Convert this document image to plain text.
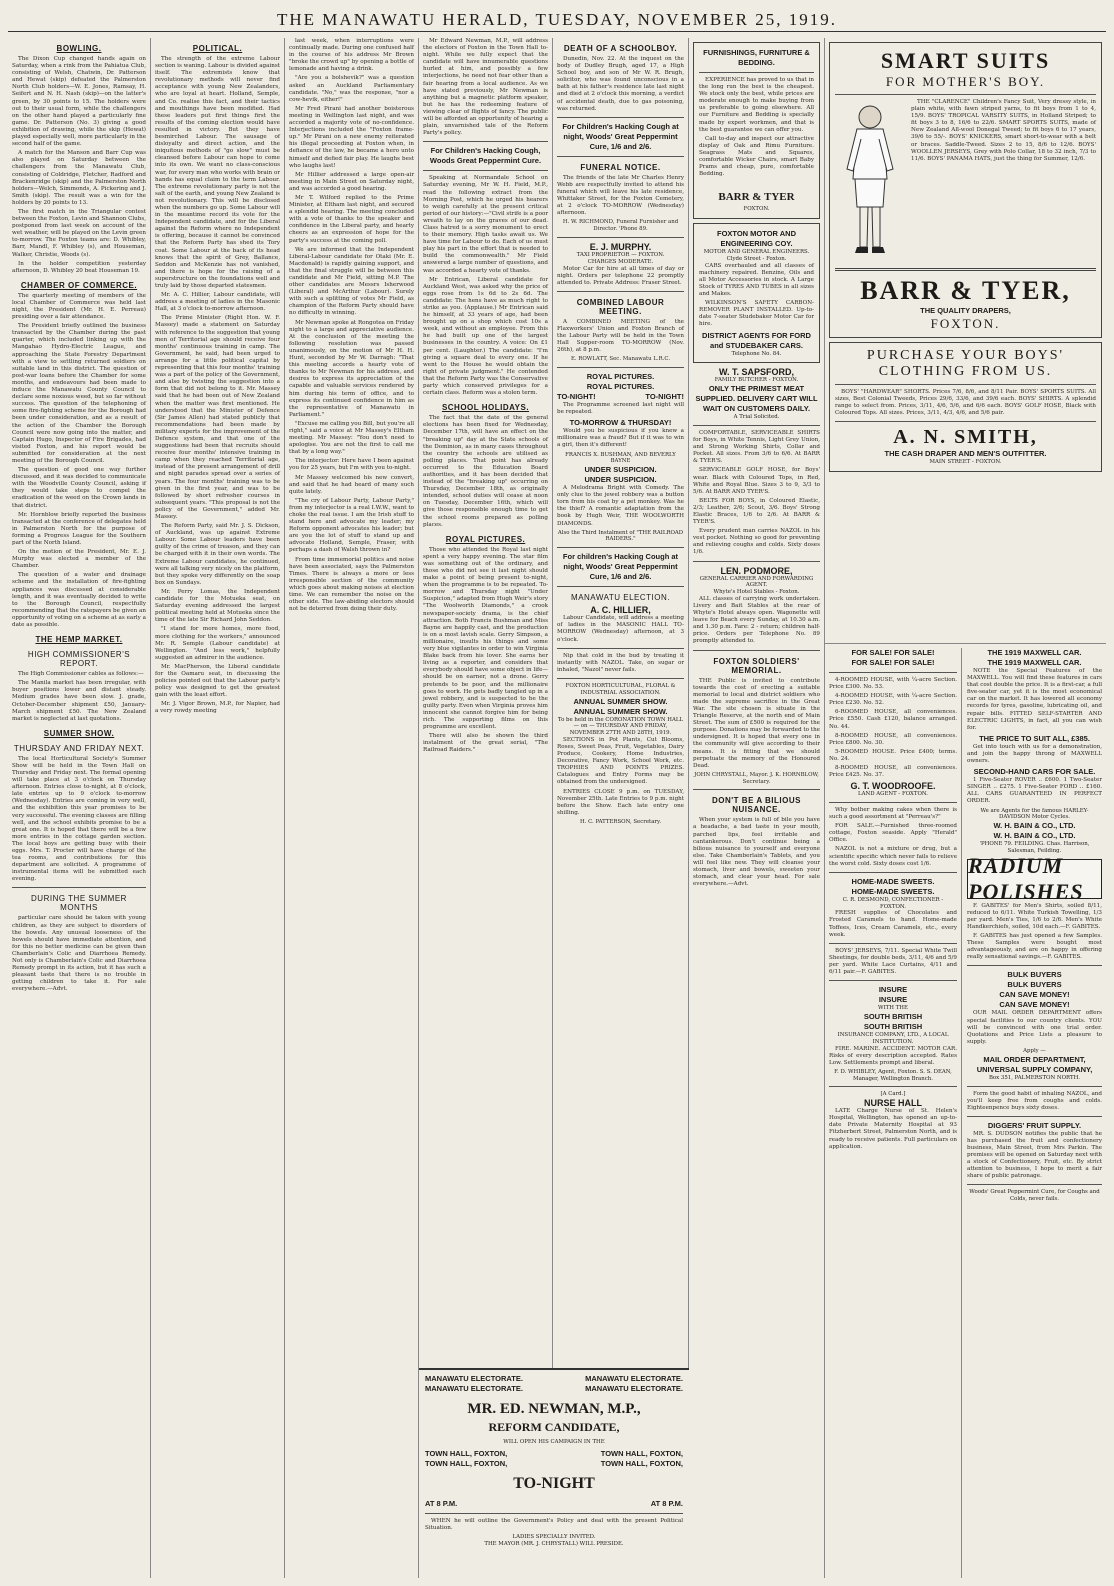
THE MANAWATU HERALD, TUESDAY, NOVEMBER 25, 1919.
BOWLING.

The Dixon Cup changed hands again on Saturday, when a rink from the Pahiatua Club, consisting of Welsh, Chatwin, Dr. Patterson and Hewat (skip) defeated the Palmerston North Club holders—W. E. Jones, Ramsay, H. Seifert and N. H. Nash (skip)—on the latter's green, by 30 points to 15. The holders were out to their usual form, while the challengers on the other hand played a particularly fine game. Dr. Patterson (No. 3) giving a good exhibition of drawing, while the skip (Hewat) played especially well, more particularly in the second half of the game.

A match for the Manson and Barr Cup was also played on Saturday between the challengers from the Manawatu Club, consisting of Coldridge, Fletcher, Radford and Brackenridge (skip) and the Palmerston North holders—Welch, Simmonds, A. Pickering and J. Smith (skip). The result was a win for the holders by 20 points to 13.

The first match in the Triangular contest between the Foxton, Levin and Shannon Clubs, postponed from last week on account of the wet weather, will be played on the Levin green to-morrow. The Foxton teams are: D. Whibley, Barr, Mandl, F. Whibley (s), and Houseman, Walker, Christie, Woods (s).

In the holder competition yesterday afternoon, D. Whibley 20 beat Houseman 19.

CHAMBER OF COMMERCE.

The quarterly meeting of members of the local Chamber of Commerce was held last night, the President (Mr. H. E. Perreau) presiding over a fair attendance.

The President briefly outlined the business transacted by the Chamber during the past quarter, which included linking up with the Mangahao Hydro-Electric League, and approaching the State Forestry Department with a view to settling returned soldiers on suitable land in this district. The question of post-war loans before the Chamber for some months, and endeavours had been made to induce the Manawatu County Council to declare some noxious weed, but so far without success. The question of the telephoning of some fire-fighting scheme for the Borough had been under consideration, and as a result of the action of the Chamber the Borough Council were now going into the matter, and Captain Hugo, Inspector of Fire Brigades, had visited Foxton, and his report would be submitted for consideration at the next meeting of the Borough Council.

The question of good one way further discussed, and it was decided to communicate with the Woodville County Council, asking if they would take steps to compel the eradication of the weed on the Crown lands in that district.

Mr. Hornblow briefly reported the business transacted at the conference of delegates held in Palmerston North for the purpose of forming a Progress League for the Southern part of the North Island.

On the motion of the President, Mr. E. J. Murphy was elected a member of the Chamber.

The question of a water and drainage scheme and the installation of fire-fighting appliances was discussed at considerable length, and it was eventually decided to write to the Borough Council, respectfully recommending that the ratepayers be given an opportunity of voting on a scheme at as early a date as possible.

THE HEMP MARKET.
HIGH COMMISSIONER'S REPORT.

The High Commissioner cables as follows:—

The Manila market has been irregular, with buyer positions lower and distant steady. Medium grades have been slow. J. grade, October-December shipment £50, January-March shipment £50. The New Zealand market is neglected at last quotations.

SUMMER SHOW.
THURSDAY AND FRIDAY NEXT.

The local Horticultural Society's Summer Show will be held in the Town Hall on Thursday and Friday next. The formal opening will take place at 3 o'clock on Thursday afternoon. Entries close to-night, at 8 o'clock, late entries up to 9 o'clock to-morrow (Wednesday). Entries are coming in very well, and the exhibition this year promises to be very successful. The evening classes are filling well, and the school exhibits promise to be a great one. It is hoped that there will be a few more entries in the cottage garden section. The local boys are getting busy with their eggs. Mrs. T. Procter will have charge of the tea rooms, and contributions for this department are solicited. A programme of instrumental items will be submitted each evening.

DURING THE SUMMER MONTHS

particular care should be taken with young children, as they are subject to disorders of the bowels. Any unusual looseness of the bowels should have immediate attention, and for this no better medicine can be given than Chamberlain's Colic and Diarrhoea Remedy. Not only is Chamberlain's Colic and Diarrhoea Remedy prompt in its action, but it has such a pleasant taste that there is no trouble in getting children to take it. For sale everywhere.—Advt.

POLITICAL.

The strength of the extreme Labour section is waning. Labour is divided against itself. The extremists know that revolutionary methods will never find acceptance with young New Zealanders, who are loyal at heart. Holland, Semple, and Co. realise this fact, and their tactics and mouthings have been modified. Had these leaders put first things first the results of the coming election would have resulted in victory. But they have besmirched Labour. The sausage of disloyalty and direct action, and the iniquitous methods of "go slow" must be cleansed before Labour can hope to come into its own. We want no class-conscious war, for every man who works with brain or hands has equal claim to the term Labour. The extreme revolutionary party is not the salt of the earth, and young New Zealand is not revolutionary. This will be disclosed when the numbers go up. Some Labour will in the meantime record its vote for the Independent candidate, and for the Liberal against the Reform where no Independent is offering, because it cannot be convinced that the Reform Party has shed its Tory coat. Some Labour at the back of its head knows that the spirit of Grey, Ballance, Seddon and McKenzie has not vanished, and there is hope for the raising of a superstructure on the foundations well and truly laid by those departed statesmen.

Mr. A. C. Hillier, Labour candidate, will address a meeting of ladies in the Masonic Hall, at 3 o'clock to-morrow afternoon.

The Prime Minister (Right Hon. W. F. Massey) made a statement on Saturday with reference to the suggestion that young men of Territorial age should receive four months' continuous training in camp. The Government, he said, had been urged to arrange for a little political capital by representing that this four months' training was a part of the policy of the Government, and also by twisting the suggestion into a form that did not belong to it. Mr. Massey said that he had been out of New Zealand when the matter was first mentioned. He understood that the Minister of Defence (Sir James Allen) had stated publicly that recommendations had been made by military experts for the improvement of the Defence system, and that one of the suggestions had been that recruits should receive four months' intensive training in camp when they reached Territorial age, instead of the present arrangement of drill and night parades spread over a series of years. The four months' training was to be given in the first year, and was to be followed by short refresher courses in subsequent years. "This proposal is not the policy of the Government," added Mr. Massey.

The Reform Party, said Mr. J. S. Dickson, of Auckland, was up against Extreme Labour. Some Labour leaders have been guilty of the crime of treason, and they can be charged with it in their own words. The Extreme Labour candidates, he continued, were all talking very nicely on the platform, but they spoke very differently on the soap box on Sundays.

Mr. Perry Lomas, the Independent candidate for the Motueka seat, on Saturday evening addressed the largest political meeting held at Motueka since the time of the late Sir Richard John Seddon.

"I stand for more homes, more food, more clothing for the workers," announced Mr. R. Semple (Labour candidate) at Wellington. "And less work," helpfully suggested an admirer in the audience.

Mr. MacPherson, the Liberal candidate for the Oamaru seat, in discussing the policies pointed out that the Labour party's policy was designed to get the greatest gain with the least effort.

Mr. J. Vigor Brown, M.P., for Napier, had a very rowdy meeting

last week, when interruptions were continually made. During one confused half in the course of his address Mr Brown "broke the crowd up" by opening a bottle of lemonade and having a drink.

"Are you a bolshevik?" was a question asked an Auckland Parliamentary candidate. "No," was the response, "nor a cow-hevik, either!"

Mr Fred Pirani had another boisterous meeting in Wellington last night, and was accorded a majority vote of no-confidence. Interjections included the "Foxton frame-up." Mr Pirani on a new enemy reiterated his illegal proceeding at Foxton when, in defiance of the law, he became a hero unto himself and defied fair play. He laughs best who laughs last!

Mr Hillier addressed a large open-air meeting in Main Street on Saturday night, and was accorded a good hearing.

Mr T. Wilford replied to the Prime Minister, at Eltham last night, and secured a splendid hearing. The meeting concluded with a vote of thanks to the speaker and confidence in the Liberal party, and hearty cheers as an expression of hope for the party's success at the coming poll.

We are informed that the Independent Liberal-Labour candidate for Otaki (Mr. E. Macdonald) is rapidly gaining support, and that the final struggle will be between this candidate and Mr Field, sitting M.P. The other candidates are Messrs Isherwood (Liberal) and McArthur (Labour). Surely with such a splitting of votes Mr Field, as champion of the Reform Party should have no difficulty in winning.

Mr Newman spoke at Rongotea on Friday night to a large and appreciative audience. At the conclusion of the meeting the following resolution was passed unanimously, on the motion of Mr H. H. Hunt, seconded by Mr W. Darragh: "That this meeting accords a hearty vote of thanks to Mr Newman for his address, and desires to express its appreciation of the capable and valuable services rendered by him during his term of office, and to express its continued confidence in him as the representative of Manawatu in Parliament."

"Excuse me calling you Bill, but you're all right," said a voice at Mr Massey's Eltham meeting. Mr Massey: "You don't need to apologise. You are not the first to call me that by a long way."

The interjector: Here have I been against you for 25 years, but I'm with you to-night.

Mr Massey welcomed his new convert, and said that he had heard of many such quite lately.

"The cry of Labour Party, Labour Party," from my interjector is a real I.W.W., want to choke the real issue. I am the Irish stuff to stand here and advocate my leader; my Reform opponent advocates his leader; but are you the lot of stuff to stand up and advocate Holland, Semple, Fraser, with perhaps a dash of Walsh thrown in?

From time immemorial politics and noise have been associated, says the Palmerston Times. There is always a more or less irresponsible section of the community which goes about making noises at election time. We can remember the noise on the other side. The law-abiding electors should not be deterred from doing their duty.

Mr Edward Newman, M.P., will address the electors of Foxton in the Town Hall to-night. While we fully expect that the candidate will have innumerable questions hurled at him, and possibly a few interjections, he need not fear other than a fair hearing from a local audience. As we have stated previously, Mr Newman is anything but a magnetic platform speaker, but he has the redeeming feature of viewing clear of flights of fancy. The public will be afforded an opportunity of hearing a plain, unvarnished tale of the Reform Party's policy.

For Children's Hacking Cough, Woods Great Peppermint Cure.

Speaking at Normandale School on Saturday evening, Mr W. H. Field, M.P., read the following extract from the Morning Post, which he urged his hearers to weigh carefully at the present critical period of our history:—"Civil strife is a poor wreath to lay on the graves of our dead. Class hatred is a sorry monument to erect to their memory. High tasks await us. We have time for Labour to do. Each of us must play his part in the effort that is needed to build the commonwealth." Mr Field answered a large number of questions, and was accorded a hearty vote of thanks.

Mr Entrican, Liberal candidate for Auckland West, was asked why the price of eggs rose from 1s 6d to 2s 6d. The candidate: The hens have as much right to strike as you. (Applause.) Mr Entrican said he himself, at 33 years of age, had been brought up on a shop which cost 10s a week, and without an employee. From this he had built up one of the largest businesses in the country. A voice: On £1 per cent. (Laughter.) The candidate: "I'm giving a square deal to every one. If he went to the House he would obtain the right of private judgment." He contended that the Reform Party was the Conservative party which conserved privileges for a certain class. Reform was a stolen term.

SCHOOL HOLIDAYS.

The fact that the date of the general elections has been fixed for Wednesday, December 17th, will have an effect on the "breaking up" day at the State schools of the Dominion, as in many cases throughout the country the schools are utilised as polling places. That point has already occurred to the Education Board authorities, and it has been decided that instead of the "breaking up" occurring on Thursday, December 18th, as originally intended, school duties will cease at noon on Tuesday, December 16th, which will give those responsible enough time to get the school rooms prepared as polling places.

ROYAL PICTURES.

Those who attended the Royal last night spent a very happy evening. The star film was something out of the ordinary, and those who did not see it last night should make a point of being present to-night, when the programme is to be repeated. To-morrow and Thursday night "Under Suspicion," adapted from Hugh Weir's story "The Woolworth Diamonds," a crook newspaper-society drama, is the chief attraction. Both Francis Bushman and Miss Bayne are happily cast, and the production is on a most lavish scale. Gerry Simpson, a millionaire, insults his things and some very blue vigilantes in order to win Virginia Blake back from his lover. She earns her living as a reporter, and considers that everybody should have some object in life—should be on earner, not a drone. Gerry pretends to be poor, and the millionaire goes to work. He gets badly tangled up in a jewel robbery, and is suspected to be the guilty party. Even when Virginia proves him innocent she cannot forgive him for being rich. The supporting films on this programme are excellent.

There will also be shown the third instalment of the great serial, "The Railroad Raiders."

DEATH OF A SCHOOLBOY.

Dunedin, Nov. 22. At the inquest on the body of Dudley Brugh, aged 17, a High School boy, and son of Mr W. R. Brugh, solicitor, who was found unconscious in a bath at his father's residence late last night and died at 2 o'clock this morning, a verdict of accidental death, due to gas poisoning, was returned.

For Children's Hacking Cough at night, Woods' Great Peppermint Cure, 1/6 and 2/6.
FUNERAL NOTICE.

The friends of the late Mr Charles Henry Webb are respectfully invited to attend his funeral which will leave his late residence, Whittaker Street, for the Foxton Cemetery, at 2 o'clock TO-MORROW (Wednesday) afternoon.

H. W. RICHMOND, Funeral Furnisher and Director. 'Phone 89.
E. J. MURPHY.
TAXI PROPRIETOR — FOXTON.
CHARGES MODERATE.

Motor Car for hire at all times of day or night. Orders per telephone 22 promptly attended to. Private Address: Fraser Street.

COMBINED LABOUR MEETING.

A COMBINED MEETING of the Flaxworkers' Union and Foxton Branch of the Labour Party will be held in the Town Hall Supper-room TO-MORROW (Nov. 26th), at 8 p.m.

E. ROWLATT, Sec. Manawatu L.R.C.
ROYAL PICTURES.
ROYAL PICTURES.
TO-NIGHT!	TO-NIGHT!

The Programme screened last night will be repeated.

TO-MORROW & THURSDAY!

Would you be suspicious if you knew a millionaire was a fraud? But if it was to win a girl, then it's different!

FRANCIS X. BUSHMAN, AND BEVERLY BAYNE
UNDER SUSPICION.
UNDER SUSPICION.

A Melodrama Bright with Comedy. The only clue to the jewel robbery was a button torn from his coat by a pet monkey. Was he the thief? A romantic adaptation from the book by Hugh Weir, THE WOOLWORTH DIAMONDS.

Also the Third Instalment of "THE RAILROAD RAIDERS."
For children's Hacking Cough at night, Woods' Great Peppermint Cure, 1/6 and 2/6.
MANAWATU ELECTION.
A. C. HILLIER,

Labour Candidate, will address a meeting of ladies in the MASONIC HALL TO-MORROW (Wednesday) afternoon, at 3 o'clock.

Nip that cold in the bud by treating it instantly with NAZOL. Take, on sugar or inhaled, "Nazol" never fails.

FOXTON HORTICULTURAL, FLORAL & INDUSTRIAL ASSOCIATION.
ANNUAL SUMMER SHOW.
ANNUAL SUMMER SHOW.
To be held in the CORONATION TOWN HALL — on — THURSDAY AND FRIDAY, NOVEMBER 27TH AND 28TH, 1919.

SECTIONS in Pot Plants, Cut Blooms, Roses, Sweet Peas, Fruit, Vegetables, Dairy Produce, Cookery, Home Industries, Decorative, Fancy Work, School Work, etc. TROPHIES AND POINTS PRIZES. Catalogues and Entry Forms may be obtained from the undersigned.

ENTRIES CLOSE 9 p.m. on TUESDAY, November 25th. Late Entries to 9 p.m. night before the Show. Each late entry one shilling.

H. C. PATTERSON, Secretary.
FURNISHINGS, FURNITURE & BEDDING.

EXPERIENCE has proved to us that in the long run the best is the cheapest. We stock only the best, while prices are moderate enough to make buying from us preferable to going elsewhere. All our Furniture and Bedding is specially made by expert workmen, and that is the best guarantee we can offer you.

Call to-day and inspect our attractive display of Oak and Rimu Furniture. Seagrass Mats and Squares, comfortable Wicker Chairs, smart Baby Prams and cheap, pure, comfortable Bedding.

BARR & TYER
FOXTON.
FOXTON MOTOR AND ENGINEERING COY.
MOTOR AND GENERAL ENGINEERS.
Clyde Street - Foxton.

CARS overhauled and all classes of machinery repaired. Benzine, Oils and all Motor Accessories in stock. A Large Stock of TYRES AND TUBES in all sizes and Makes.

WILKINSON'S SAFETY CARBON-REMOVER PLANT INSTALLED. Up-to-date 7-seater Studebaker Motor Car for hire.

DISTRICT AGENTS FOR FORD and STUDEBAKER CARS.
Telephone No. 84.
W. T. SAPSFORD,
FAMILY BUTCHER - FOXTON.
ONLY THE PRIMEST MEAT SUPPLIED. DELIVERY CART WILL WAIT ON CUSTOMERS DAILY.
A Trial Solicited.

COMFORTABLE, SERVICEABLE SHIRTS for Boys, in White Tennis, Light Grey Union, and Strong Working Shirts, Collar and Pocket. All sizes. From 3/6 to 6/6. At BARR & TYER'S.

SERVICEABLE GOLF HOSE, for Boys' wear. Black with Coloured Tops, in Red, White and Royal Blue. Sizes 3 to 9, 3/3 to 5/6. At BARR AND TYER'S.

BELTS FOR BOYS, in Coloured Elastic, 2/3; Leather, 2/6; Scout, 3/6. Boys' Strong Elastic Braces, 1/6 to 2/6. At BARR & TYER'S.

Every prudent man carries NAZOL in his vest pocket. Nothing so good for preventing and relieving coughs and colds. Sixty doses 1/6.

LEN. PODMORE,
GENERAL CARRIER AND FORWARDING AGENT.
Whyte's Hotel Stables - Foxton.

ALL classes of carrying work undertaken. Livery and Bait Stables at the rear of Whyte's Hotel always open. Wagonette will leave for Beach every Sunday, at 10.30 a.m. and 1.30 p.m. Fare: 2 - return; children half-price. Orders per Telephone No. 89 promptly attended to.

FOXTON SOLDIERS' MEMORIAL.

THE Public is invited to contribute towards the cost of erecting a suitable memorial to local and district soldiers who made the supreme sacrifice in the Great War. The site chosen is situate in the Triangle Reserve, at the north end of Main Street. The sum of £500 is required for the purpose. Donations may be forwarded to the undersigned. It is hoped that every one in the community will give according to their means. It is fitting that we should perpetuate the memory of the Honoured Dead.

JOHN CHRYSTALL, Mayor. J. K. HORNBLOW, Secretary.
DON'T BE A BILIOUS NUISANCE.

When your system is full of bile you have a headache, a bad taste in your mouth, parched lips, feel irritable and cantankerous. Don't continue being a bilious nuisance to yourself and everyone else. Take Chamberlain's Tablets, and you will feel like new. They will cleanse your stomach, liver and bowels, sweeten your stomach, and clear your head. For sale everywhere.—Advt.

SMART SUITS
FOR MOTHER'S BOY.

THE "CLARENCE" Children's Fancy Suit, Very dressy style, in plain white, with fawn striped yarns, to fit boys from 1 to 4, 15/9. BOYS' TROPICAL VARSITY SUITS, in Holland Striped; to fit boys 3 to 8, 16/6 to 22/6. SMART SPORTS SUITS, made of New Zealand All-wool Donegal Tweed; to fit boys 6 to 17 years, 39/6 to 55/-. BOYS' KNICKERS, smart short-to-wear with a belt or braces. Saddle-Tweed. Sizes 2 to 15, 8/6 to 12/6. BOYS' WOOLLEN JERSEYS, Grey with Polo Collar, 18 to 32 inch, 7/3 to 11/6. BOYS' PANAMA HATS, just the thing for Summer, 12/6.

BARR & TYER,
THE QUALITY DRAPERS,
FOXTON.
PURCHASE YOUR BOYS' CLOTHING FROM US.

BOYS' "HARDWEAR" SHORTS. Prices 7/6, 8/6, and 8/11 Pair. BOYS' SPORTS SUITS. All sizes, Best Colonial Tweeds, Prices 29/6, 33/6, and 39/6 each. BOYS' SHIRTS. A splendid range to select from. Prices, 3/11, 4/6, 5/6, and 6/6 each. BOYS' GOLF HOSE, Black with Coloured Tops. All sizes. Prices, 3/11, 4/3, 4/6, and 5/6 pair.

A. N. SMITH,
THE CASH DRAPER AND MEN'S OUTFITTER.
MAIN STREET - FOXTON.
FOR SALE! FOR SALE!
FOR SALE! FOR SALE!

4-ROOMED HOUSE, with ¼-acre Section. Price £300. No. 53.

4-ROOMED HOUSE, with ¼-acre Section. Price £230. No. 52.

6-ROOMED HOUSE, all conveniences. Price £550. Cash £120, balance arranged. No. 44.

8-ROOMED HOUSE, all conveniences. Price £800. No. 30.

5-ROOMED HOUSE. Price £400; terms. No. 24.

8-ROOMED HOUSE, all conveniences. Price £425. No. 37.

G. T. WOODROOFE.
LAND AGENT - FOXTON.

Why bother making cakes when there is such a good assortment at "Perreau's?"

FOR SALE.—Furnished three-roomed cottage, Foxton seaside. Apply "Herald" Office.

NAZOL is not a mixture or drug, but a scientific specific which never fails to relieve the worst cold. Sixty doses cost 1/6.

HOME-MADE SWEETS.
HOME-MADE SWEETS.
C. R. DESMOND, CONFECTIONER - FOXTON.

FRESH supplies of Chocolates and Frosted Caramels to hand. Home-made Toffees, Ices, Cream Caramels, etc., every week.

BOYS' JERSEYS, 7/11. Special White Twill Sheetings, for double beds, 3/11, 4/6 and 5/9 per yard. White Lace Curtains, 4/11 and 6/11 pair.—F. GABITES.

INSURE
INSURE
WITH THE
SOUTH BRITISH
SOUTH BRITISH
INSURANCE COMPANY, LTD., A LOCAL INSTITUTION.

FIRE. MARINE. ACCIDENT. MOTOR CAR. Risks of every description accepted. Rates Low. Settlements prompt and liberal.

F. D. WHIBLEY, Agent, Foxton. S. S. DEAN, Manager, Wellington Branch.
[A Card.]
NURSE HALL

LATE Charge Nurse of St. Helen's Hospital, Wellington, has opened an up-to-date Private Maternity Hospital at 93 Fitzherbert Street, Palmerston North, and is ready to receive patients. Full particulars on application.

THE 1919 MAXWELL CAR.
THE 1919 MAXWELL CAR.

NOTE the Special Features of the MAXWELL. You will find these features in cars that cost double the price. It is a first-car, a full five-seater car, yet it is the most economical car on the market. It has lowered all economy records for tyres, gasoline, lubricating oil, and repair bills. FITTED SELF-STARTER AND ELECTRIC LIGHTS, in fact, all you can wish for.

THE PRICE TO SUIT ALL, £385.

Get into touch with us for a demonstration, and join the happy throng of MAXWELL owners.

SECOND-HAND CARS FOR SALE.

1 Five-Seater ROVER .. £600. 1 Two-Seater SINGER .. £275. 1 Five-Seater FORD .. £160. ALL CARS GUARANTEED IN PERFECT ORDER.

We are Agents for the famous HARLEY-DAVIDSON Motor Cycles.
W. H. BAIN & CO., LTD.
W. H. BAIN & CO., LTD.
'PHONE 79. FEILDING. Chas. Harrison, Salesman, Feilding.
RADIUM POLISHES

F. GABITES' for Men's Shirts, soiled 8/11, reduced to 6/11. White Turkish Towelling, 1/3 per yard. Men's Ties, 1/6 to 2/6. Men's White Handkerchiefs, soiled, 10d each.—F. GABITES.

F. GABITES has just opened a few Samples. These Samples were bought most advantageously, and are on happy in offering really sensational savings.—F. GABITES.

BULK BUYERS
BULK BUYERS
CAN SAVE MONEY!
CAN SAVE MONEY!

OUR MAIL ORDER DEPARTMENT offers special facilities to our country clients. YOU will be convinced with one trial order. Quotations and Price Lists a pleasure to supply.

Apply —
MAIL ORDER DEPARTMENT,
UNIVERSAL SUPPLY COMPANY,
Box 351, PALMERSTON NORTH.

Form the good habit of inhaling NAZOL, and you'll keep free from coughs and colds. Eighteenpence buys sixty doses.

DIGGERS' FRUIT SUPPLY.

MR. S. DUDSON notifies the public that he has purchased the fruit and confectionery business, Main Street, from Mrs Parkin. The premises will be opened on Saturday next with a stock of Confectionery, Fruit, etc. By strict attention to business, I hope to merit a fair share of public patronage.

Woods' Great Peppermint Cure, for Coughs and Colds, never fails.
MANAWATU ELECTORATE.	MANAWATU ELECTORATE.
MANAWATU ELECTORATE.	MANAWATU ELECTORATE.
MR. ED. NEWMAN, M.P.,
REFORM CANDIDATE,
WILL OPEN HIS CAMPAIGN IN THE
TOWN HALL, FOXTON,	TOWN HALL, FOXTON,
TOWN HALL, FOXTON,	TOWN HALL, FOXTON,
TO-NIGHT
AT 8 P.M.	AT 8 P.M.

WHEN he will outline the Government's Policy and deal with the present Political Situation.

LADIES SPECIALLY INVITED.
THE MAYOR (MR. J. CHRYSTALL) WILL PRESIDE.
